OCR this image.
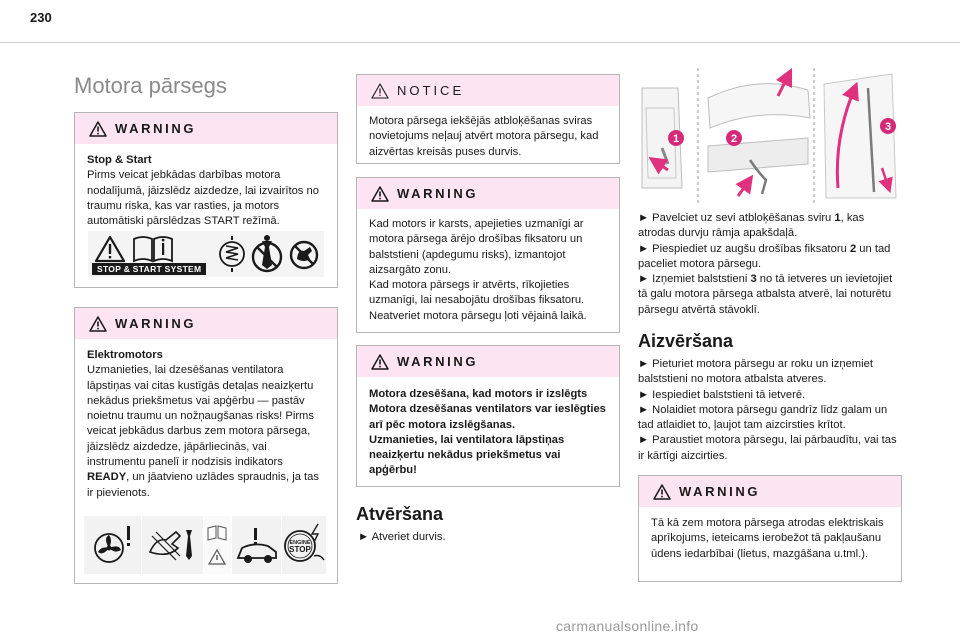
230
Motora pārsegs
WARNING

Stop & Start

Pirms veicat jebkādas darbības motora nodalījumā, jāizslēdz aizdedze, lai izvairītos no traumu riska, kas var rasties, ja motors automātiski pārslēdzas START režīmā.

STOP & START SYSTEM
WARNING

Elektromotors

Uzmanieties, lai dzesēšanas ventilatora lāpstiņas vai citas kustīgās detaļas neaizķertu nekādus priekšmetus vai apģērbu — pastāv noietnu traumu un nožņaugšanas risks! Pirms veicat jebkādus darbus zem motora pārsega, jāizslēdz aizdedze, jāpārliecinās, vai instrumentu panelī ir nodzisis indikators READY, un jāatvieno uzlādes spraudnis, ja tas ir pievienots.

ENGINE
STOP
NOTICE

Motora pārsega iekšējās atbloķēšanas sviras novietojums neļauj atvērt motora pārsegu, kad aizvērtas kreisās puses durvis.

WARNING

Kad motors ir karsts, apejieties uzmanīgi ar motora pārsega ārējo drošības fiksatoru un balststieni (apdegumu risks), izmantojot aizsargāto zonu.
Kad motora pārsegs ir atvērts, rīkojieties uzmanīgi, lai nesabojātu drošības fiksatoru.
Neatveriet motora pārsegu ļoti vējainā laikā.

WARNING

Motora dzesēšana, kad motors ir izslēgts
Motora dzesēšanas ventilators var ieslēgties arī pēc motora izslēgšanas.
Uzmanieties, lai ventilatora lāpstiņas neaizķertu nekādus priekšmetus vai apģērbu!

Atvēršana

► Atveriet durvis.

1	2
3

► Pavelciet uz sevi atbloķēšanas sviru 1, kas atrodas durvju rāmja apakšdaļā.

► Piespiediet uz augšu drošības fiksatoru 2 un tad paceliet motora pārsegu.

► Izņemiet balststieni 3 no tā ietveres un ievietojiet tā galu motora pārsega atbalsta atverē, lai noturētu pārsegu atvērtā stāvoklī.

Aizvēršana

► Pieturiet motora pārsegu ar roku un izņemiet balststieni no motora atbalsta atveres.
► Iespiediet balststieni tā ietverē.
► Nolaidiet motora pārsegu gandrīz līdz galam un tad atlaidiet to, ļaujot tam aizcirsties krītot.
► Paraustiet motora pārsegu, lai pārbaudītu, vai tas ir kārtīgi aizcirties.

WARNING

Tā kā zem motora pārsega atrodas elektriskais aprīkojums, ieteicams ierobežot tā pakļaušanu ūdens iedarbībai (lietus, mazgāšana u.tml.).

carmanualsonline.info
